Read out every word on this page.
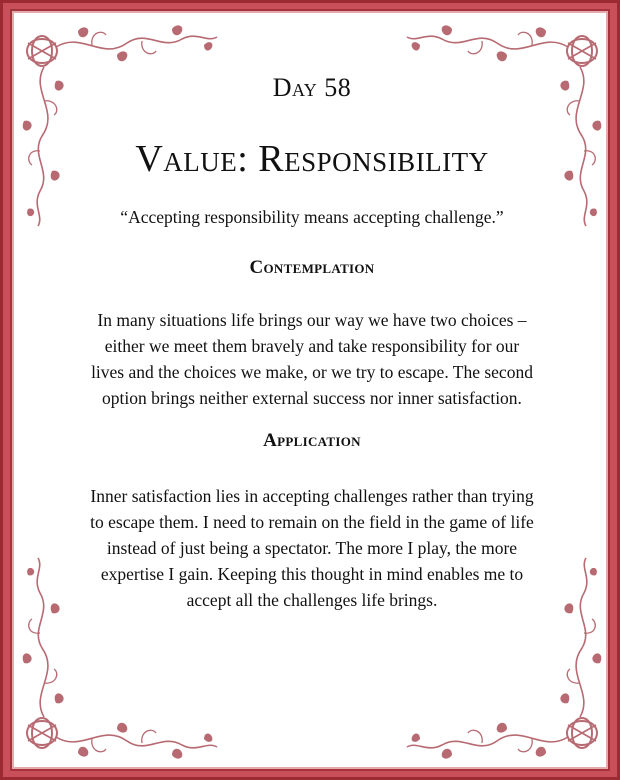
Day 58
Value: Responsibility
“Accepting responsibility means accepting challenge.”
Contemplation
In many situations life brings our way we have two choices –
either we meet them bravely and take responsibility for our
lives and the choices we make, or we try to escape. The second
option brings neither external success nor inner satisfaction.
Application
Inner satisfaction lies in accepting challenges rather than trying
to escape them. I need to remain on the field in the game of life
instead of just being a spectator. The more I play, the more
expertise I gain. Keeping this thought in mind enables me to
accept all the challenges life brings.
